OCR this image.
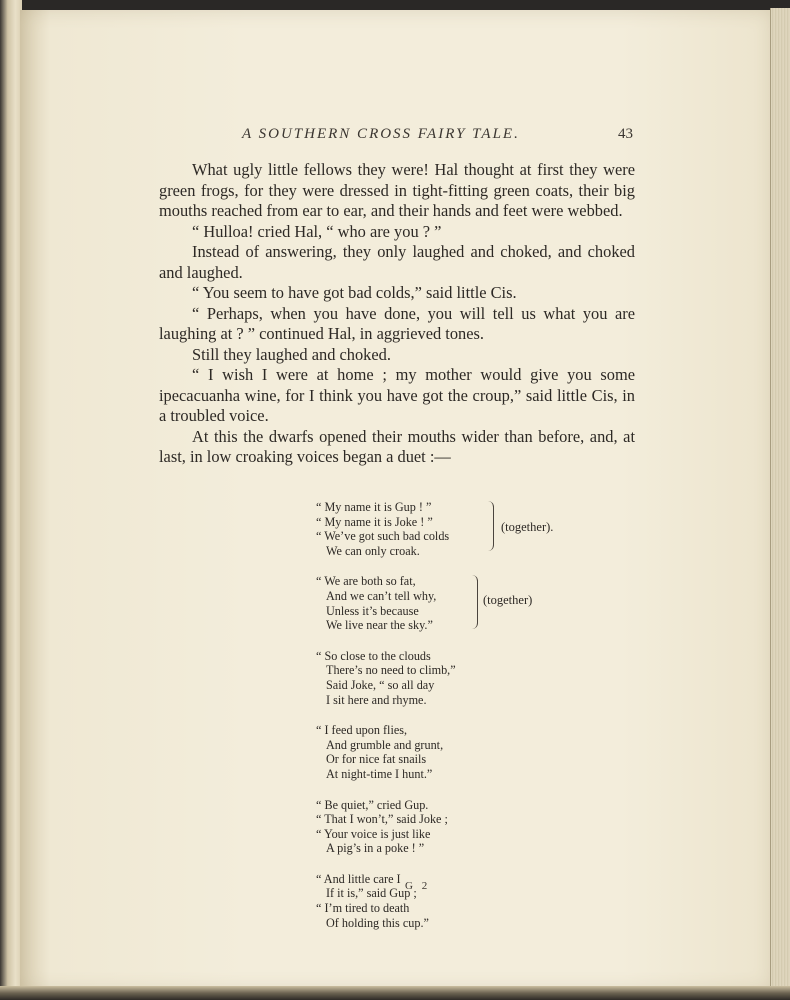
A SOUTHERN CROSS FAIRY TALE.	43

What ugly little fellows they were! Hal thought at first they were green frogs, for they were dressed in tight-fitting green coats, their big mouths reached from ear to ear, and their hands and feet were webbed.

“ Hulloa! cried Hal, “ who are you ? ”

Instead of answering, they only laughed and choked, and choked and laughed.

“ You seem to have got bad colds,” said little Cis.

“ Perhaps, when you have done, you will tell us what you are laughing at ? ” continued Hal, in aggrieved tones.

Still they laughed and choked.

“ I wish I were at home ; my mother would give you some ipecacuanha wine, for I think you have got the croup,” said little Cis, in a troubled voice.

At this the dwarfs opened their mouths wider than before, and, at last, in low croaking voices began a duet :—

“ My name it is Gup ! ”
“ My name it is Joke ! ”
“ We’ve got such bad colds
We can only croak.
(together).
“ We are both so fat,
And we can’t tell why,
Unless it’s because
We live near the sky.”
(together)
“ So close to the clouds
There’s no need to climb,”
Said Joke, “ so all day
I sit here and rhyme.
“ I feed upon flies,
And grumble and grunt,
Or for nice fat snails
At night-time I hunt.”
“ Be quiet,” cried Gup.
“ That I won’t,” said Joke ;
“ Your voice is just like
A pig’s in a poke ! ”
“ And little care I
If it is,” said Gup ;
“ I’m tired to death
Of holding this cup.”
G 2
